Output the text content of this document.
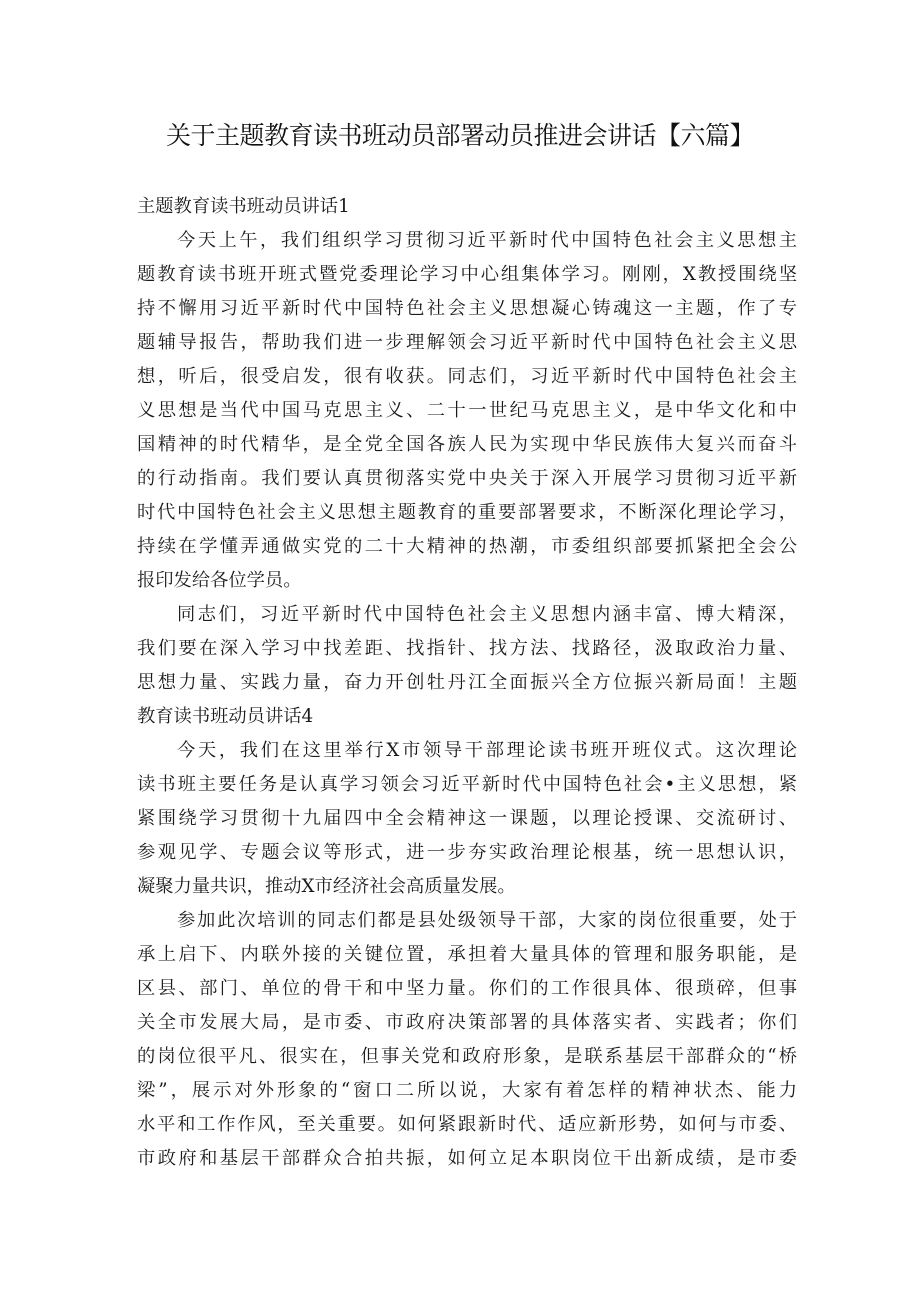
关于主题教育读书班动员部署动员推进会讲话【六篇】
主题教育读书班动员讲话1
今天上午，我们组织学习贯彻习近平新时代中国特色社会主义思想主
题教育读书班开班式暨党委理论学习中心组集体学习。刚刚，X教授围绕坚
持不懈用习近平新时代中国特色社会主义思想凝心铸魂这一主题，作了专
题辅导报告，帮助我们进一步理解领会习近平新时代中国特色社会主义思
想，听后，很受启发，很有收获。同志们，习近平新时代中国特色社会主
义思想是当代中国马克思主义、二十一世纪马克思主义，是中华文化和中
国精神的时代精华，是全党全国各族人民为实现中华民族伟大复兴而奋斗
的行动指南。我们要认真贯彻落实党中央关于深入开展学习贯彻习近平新
时代中国特色社会主义思想主题教育的重要部署要求，不断深化理论学习，
持续在学懂弄通做实党的二十大精神的热潮，市委组织部要抓紧把全会公
报印发给各位学员。
同志们，习近平新时代中国特色社会主义思想内涵丰富、博大精深，
我们要在深入学习中找差距、找指针、找方法、找路径，汲取政治力量、
思想力量、实践力量，奋力开创牡丹江全面振兴全方位振兴新局面！主题
教育读书班动员讲话4
今天，我们在这里举行X市领导干部理论读书班开班仪式。这次理论
读书班主要任务是认真学习领会习近平新时代中国特色社会•主义思想，紧
紧围绕学习贯彻十九届四中全会精神这一课题，以理论授课、交流研讨、
参观见学、专题会议等形式，进一步夯实政治理论根基，统一思想认识，
凝聚力量共识，推动X市经济社会高质量发展。
参加此次培训的同志们都是县处级领导干部，大家的岗位很重要，处于
承上启下、内联外接的关键位置，承担着大量具体的管理和服务职能，是
区县、部门、单位的骨干和中坚力量。你们的工作很具体、很琐碎，但事
关全市发展大局，是市委、市政府决策部署的具体落实者、实践者；你们
的岗位很平凡、很实在，但事关党和政府形象，是联系基层干部群众的“桥
梁”，展示对外形象的“窗口二所以说，大家有着怎样的精神状杰、能力
水平和工作作风，至关重要。如何紧跟新时代、适应新形势，如何与市委、
市政府和基层干部群众合拍共振，如何立足本职岗位干出新成绩，是市委
